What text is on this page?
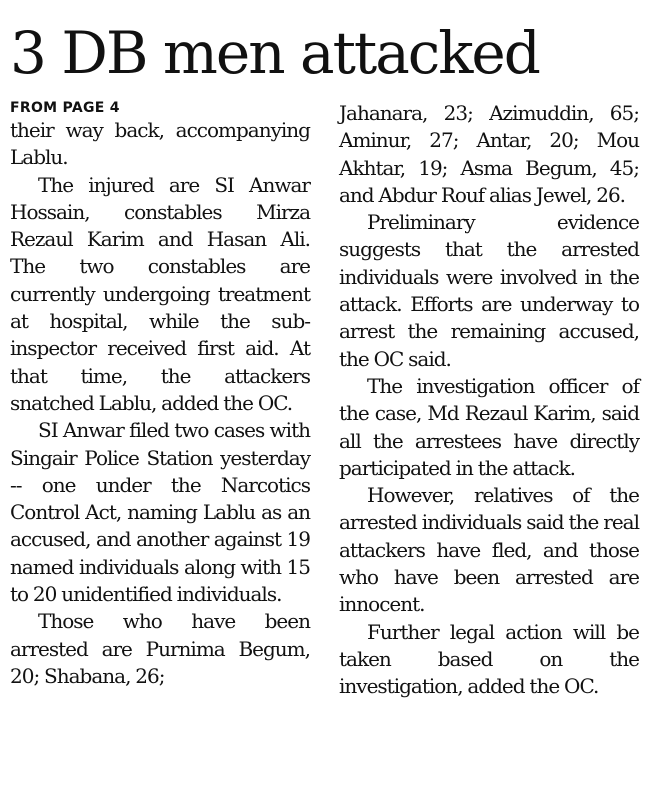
3 DB men attacked

FROM PAGE 4

their way back, accompanying Lablu.

The injured are SI Anwar Hossain, constables Mirza Rezaul Karim and Hasan Ali. The two constables are currently undergoing treatment at hospital, while the sub-inspector received first aid. At that time, the attackers snatched Lablu, added the OC.

SI Anwar filed two cases with Singair Police Station yesterday -- one under the Narcotics Control Act, naming Lablu as an accused, and another against 19 named individuals along with 15 to 20 unidentified individuals.

Those who have been arrested are Purnima Begum, 20; Shabana, 26;

Jahanara, 23; Azimuddin, 65; Aminur, 27; Antar, 20; Mou Akhtar, 19; Asma Begum, 45; and Abdur Rouf alias Jewel, 26.

Preliminary evidence suggests that the arrested individuals were involved in the attack. Efforts are underway to arrest the remaining accused, the OC said.

The investigation officer of the case, Md Rezaul Karim, said all the arrestees have directly participated in the attack.

However, relatives of the arrested individuals said the real attackers have fled, and those who have been arrested are innocent.

Further legal action will be taken based on the investigation, added the OC.
